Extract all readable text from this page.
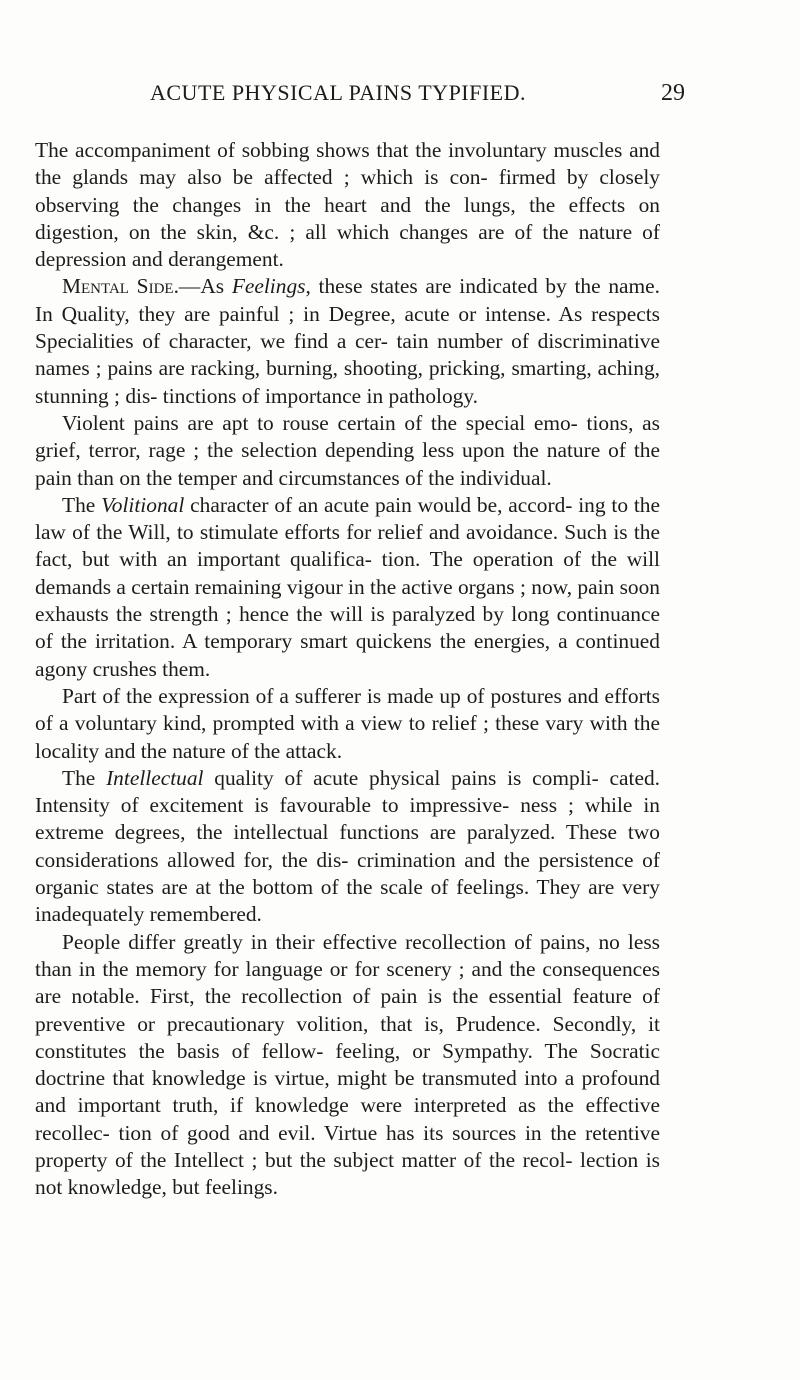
ACUTE PHYSICAL PAINS TYPIFIED.	29

The accompaniment of sobbing shows that the involuntary muscles and the glands may also be affected ; which is con- firmed by closely observing the changes in the heart and the lungs, the effects on digestion, on the skin, &c. ; all which changes are of the nature of depression and derangement.

Mental Side.—As Feelings, these states are indicated by the name. In Quality, they are painful ; in Degree, acute or intense. As respects Specialities of character, we find a cer- tain number of discriminative names ; pains are racking, burning, shooting, pricking, smarting, aching, stunning ; dis- tinctions of importance in pathology.

Violent pains are apt to rouse certain of the special emo- tions, as grief, terror, rage ; the selection depending less upon the nature of the pain than on the temper and circumstances of the individual.

The Volitional character of an acute pain would be, accord- ing to the law of the Will, to stimulate efforts for relief and avoidance. Such is the fact, but with an important qualifica- tion. The operation of the will demands a certain remaining vigour in the active organs ; now, pain soon exhausts the strength ; hence the will is paralyzed by long continuance of the irritation. A temporary smart quickens the energies, a continued agony crushes them.

Part of the expression of a sufferer is made up of postures and efforts of a voluntary kind, prompted with a view to relief ; these vary with the locality and the nature of the attack.

The Intellectual quality of acute physical pains is compli- cated. Intensity of excitement is favourable to impressive- ness ; while in extreme degrees, the intellectual functions are paralyzed. These two considerations allowed for, the dis- crimination and the persistence of organic states are at the bottom of the scale of feelings. They are very inadequately remembered.

People differ greatly in their effective recollection of pains, no less than in the memory for language or for scenery ; and the consequences are notable. First, the recollection of pain is the essential feature of preventive or precautionary volition, that is, Prudence. Secondly, it constitutes the basis of fellow- feeling, or Sympathy. The Socratic doctrine that knowledge is virtue, might be transmuted into a profound and important truth, if knowledge were interpreted as the effective recollec- tion of good and evil. Virtue has its sources in the retentive property of the Intellect ; but the subject matter of the recol- lection is not knowledge, but feelings.
